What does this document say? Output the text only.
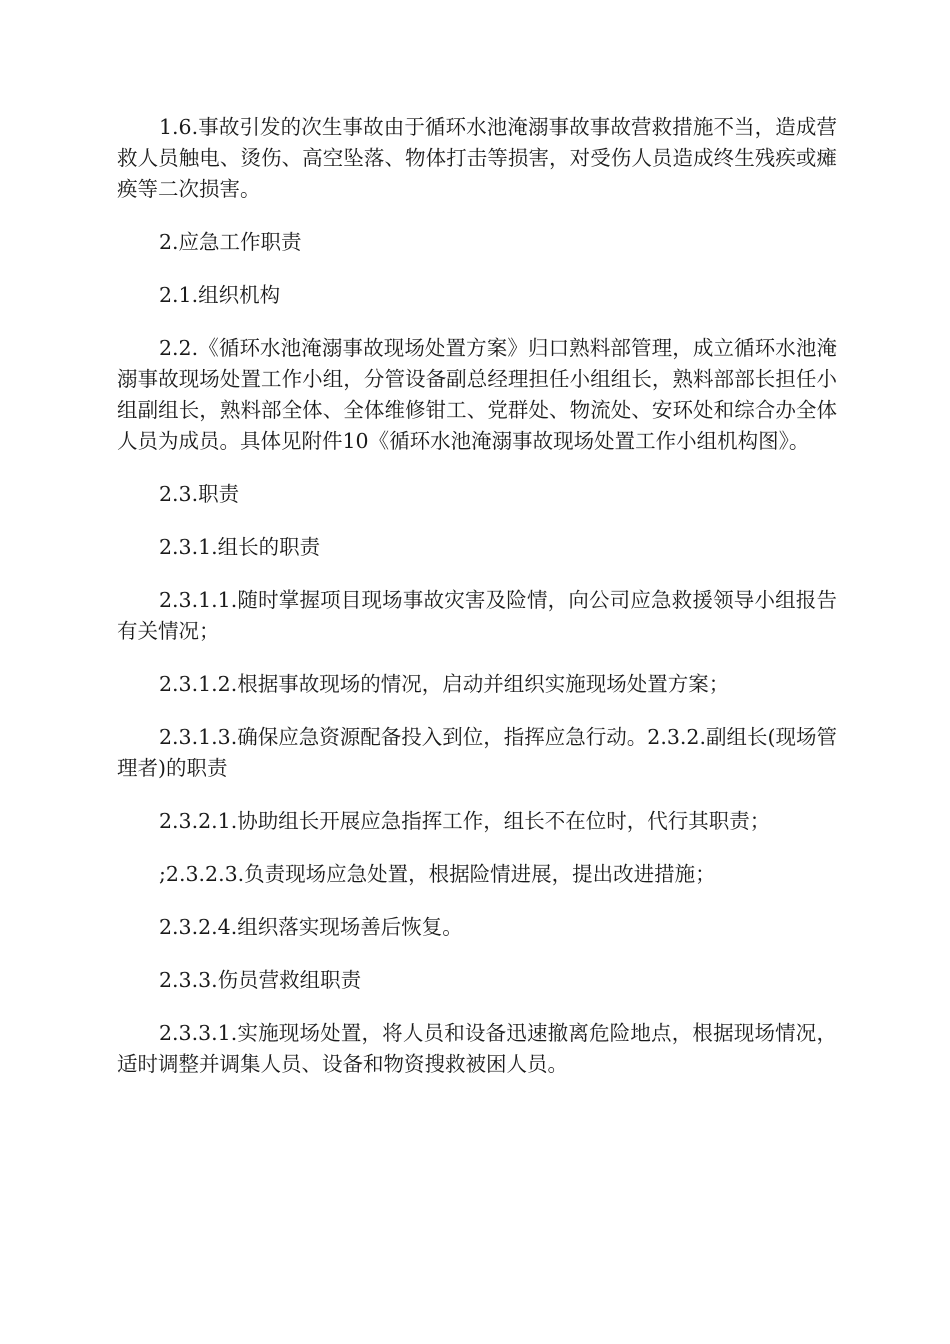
1.6.事故引发的次生事故由于循环水池淹溺事故事故营救措施不当，造成营救人员触电、烫伤、高空坠落、物体打击等损害，对受伤人员造成终生残疾或瘫痪等二次损害。

2.应急工作职责

2.1.组织机构

2.2.《循环水池淹溺事故现场处置方案》归口熟料部管理，成立循环水池淹溺事故现场处置工作小组，分管设备副总经理担任小组组长，熟料部部长担任小组副组长，熟料部全体、全体维修钳工、党群处、物流处、安环处和综合办全体人员为成员。具体见附件10《循环水池淹溺事故现场处置工作小组机构图》。

2.3.职责

2.3.1.组长的职责

2.3.1.1.随时掌握项目现场事故灾害及险情，向公司应急救援领导小组报告有关情况；

2.3.1.2.根据事故现场的情况，启动并组织实施现场处置方案；

2.3.1.3.确保应急资源配备投入到位，指挥应急行动。2.3.2.副组长(现场管理者)的职责

2.3.2.1.协助组长开展应急指挥工作，组长不在位时，代行其职责；

;2.3.2.3.负责现场应急处置，根据险情进展，提出改进措施；

2.3.2.4.组织落实现场善后恢复。

2.3.3.伤员营救组职责

2.3.3.1.实施现场处置，将人员和设备迅速撤离危险地点，根据现场情况，适时调整并调集人员、设备和物资搜救被困人员。
